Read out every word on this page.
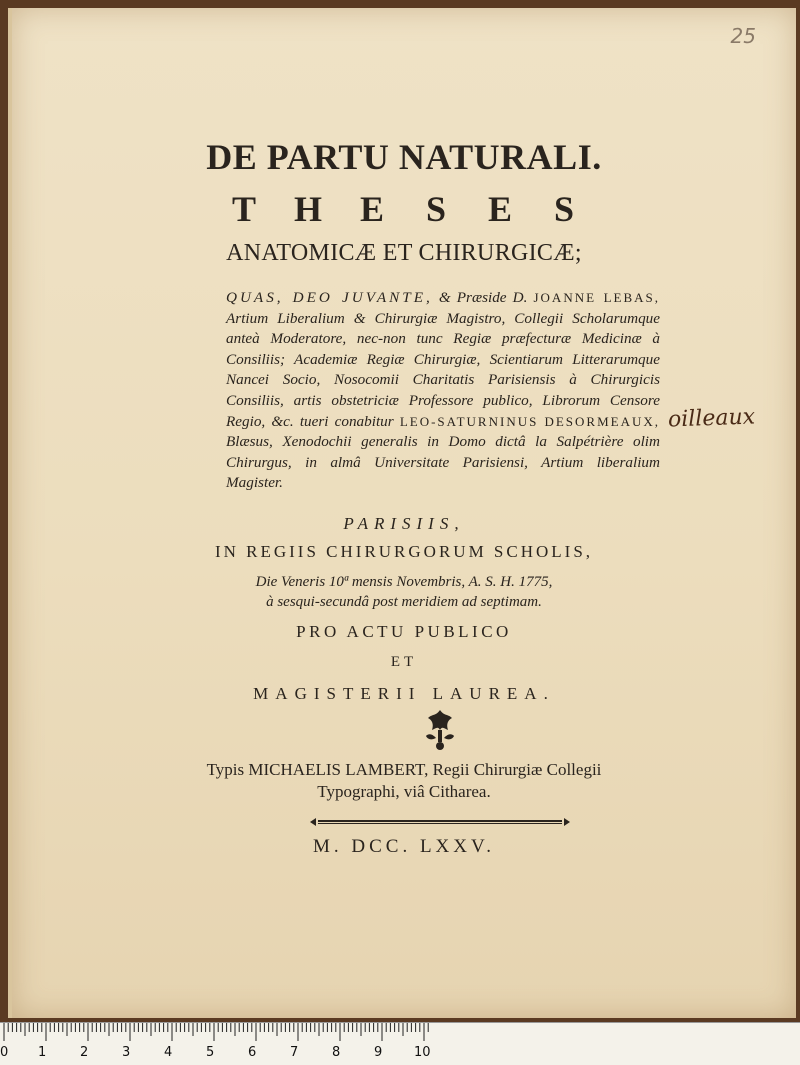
25
DE PARTU NATURALI.
T H E S E S
ANATOMICÆ ET CHIRURGICÆ;
QUAS, DEO JUVANTE, & Præside D. JOANNE LEBAS, Artium Liberalium & Chirurgiæ Magistro, Collegii Scholarumque anteà Moderatore, nec-non tunc Regiæ præfecturæ Medicinæ à Consiliis; Academiæ Regiæ Chirurgiæ, Scientiarum Litterarumque Nancei Socio, Nosocomii Charitatis Parisiensis à Chirurgicis Consiliis, artis obstetriciæ Professore publico, Librorum Censore Regio, &c. tueri conabitur LEO-SATURNINUS DESORMEAUX, Blæsus, Xenodochii generalis in Domo dictâ la Salpétrière olim Chirurgus, in almâ Universitate Parisiensi, Artium liberalium Magister.
oilleaux
PARISIIS,
IN REGIIS CHIRURGORUM SCHOLIS,
Die Veneris 10ª mensis Novembris, A. S. H. 1775,
à sesqui-secundâ post meridiem ad septimam.
PRO ACTU PUBLICO
ET
MAGISTERII LAUREA.
Typis MICHAELIS LAMBERT, Regii Chirurgiæ Collegii
Typographi, viâ Citharea.
M. DCC. LXXV.
0 1	2	3	4	5	6	7	8	9 10
